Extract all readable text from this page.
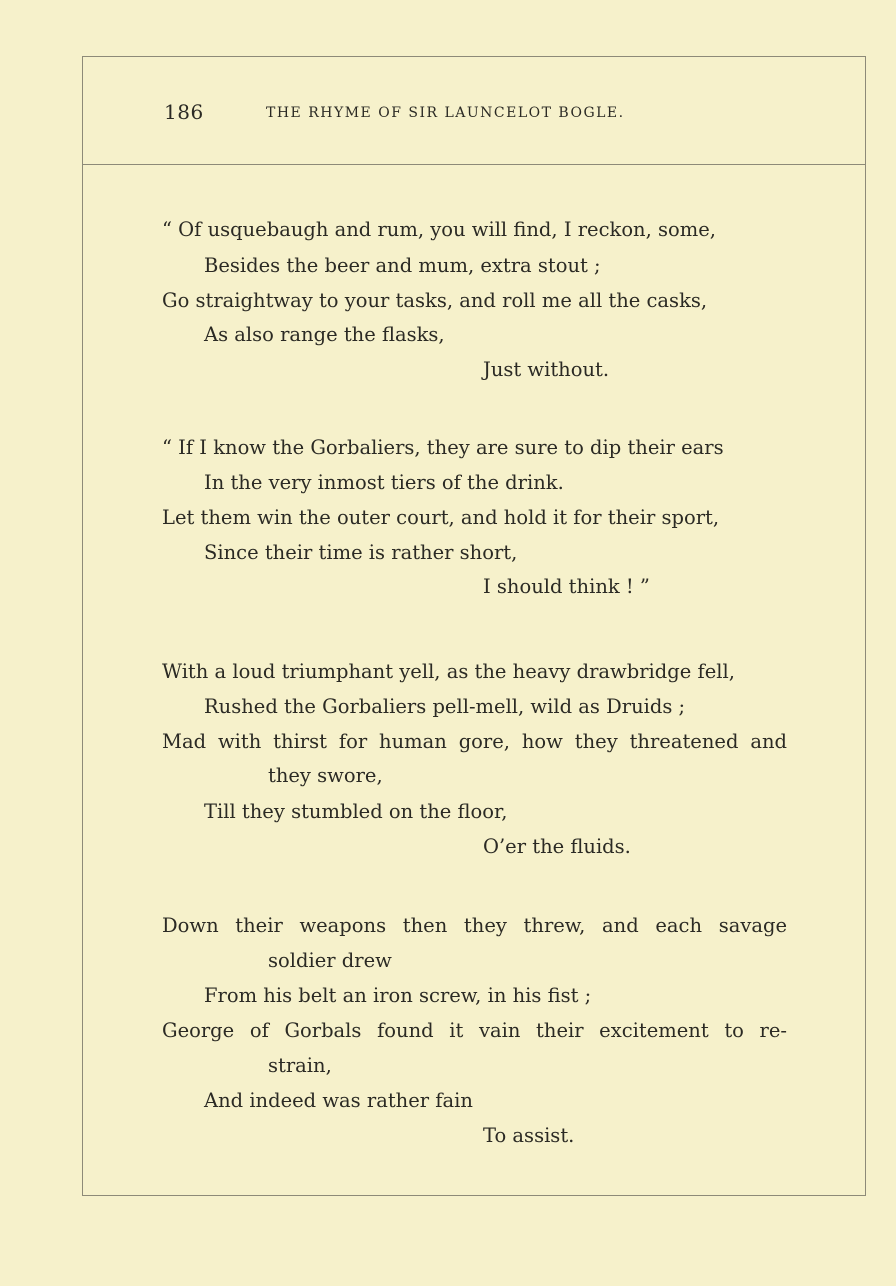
186	THE RHYME OF SIR LAUNCELOT BOGLE.
“ Of usquebaugh and rum, you will find, I reckon, some,
Besides the beer and mum, extra stout ;
Go straightway to your tasks, and roll me all the casks,
As also range the flasks,
Just without.
“ If I know the Gorbaliers, they are sure to dip their ears
In the very inmost tiers of the drink.
Let them win the outer court, and hold it for their sport,
Since their time is rather short,
I should think ! ”
With a loud triumphant yell, as the heavy drawbridge fell,
Rushed the Gorbaliers pell-mell, wild as Druids ;
Mad with thirst for human gore, how they threatened and
they swore,
Till they stumbled on the floor,
O’er the fluids.
Down their weapons then they threw, and each savage
soldier drew
From his belt an iron screw, in his fist ;
George of Gorbals found it vain their excitement to re-
strain,
And indeed was rather fain
To assist.
